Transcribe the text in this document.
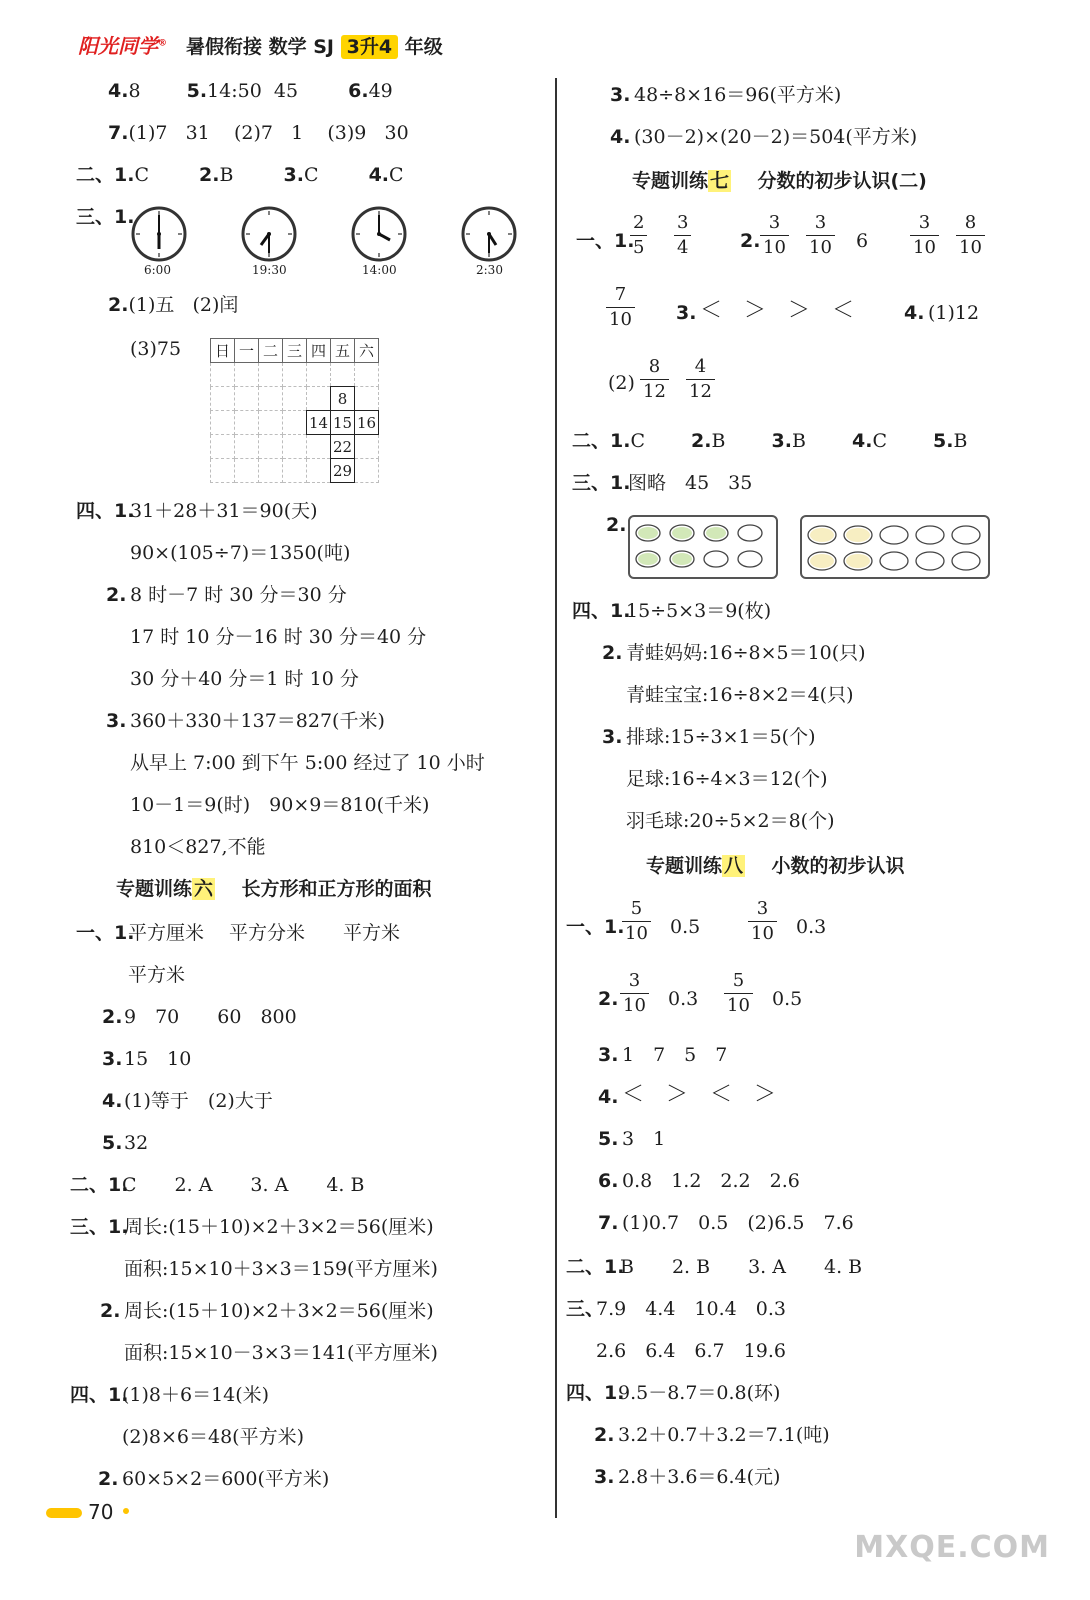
阳光同学® 暑假衔接 数学 SJ 3升4 年级
4.8 5.14:50 45	6.49
7.(1)7 31 (2)7 1 (3)9 30
二、1.C	2.B	3.C	4.C
三、1.
6:00	19:30	14:00	2:30
2.(1)五 (2)闰
(3)75 日	一	二	三	四	五	六

					8	
				14	15	16
					22	
					29	
四、1.
31＋28＋31＝90(天)
90×(105÷7)＝1350(吨)
2. 8 时－7 时 30 分＝30 分
17 时 10 分－16 时 30 分＝40 分
30 分＋40 分＝1 时 10 分
3. 360＋330＋137＝827(千米)
从早上 7:00 到下午 5:00 经过了 10 小时
10－1＝9(时)　90×9＝810(千米)
810＜827,不能
专题训练 六 长方形和正方形的面积
一、1.
平方厘米　 平方分米　　平方米
平方米
2. 9　70　　60　800
3. 15　10
4. (1)等于　(2)大于
5. 32
二、1.
C　　2. A　　3. A　　4. B
三、1.
周长:(15＋10)×2＋3×2＝56(厘米)
面积:15×10＋3×3＝159(平方厘米)
2. 周长:(15＋10)×2＋3×2＝56(厘米)
面积:15×10－3×3＝141(平方厘米)
四、1.
(1)8＋6＝14(米)
(2)8×6＝48(平方米)
2. 60×5×2＝600(平方米)
3. 48÷8×16＝96(平方米)
4. (30－2)×(20－2)＝504(平方米)
专题训练 七 分数的初步认识(二)
一、1.
$\frac{2}{5} \frac{3}{4}$	2. $\frac{3}{10} \frac{3}{10} 6 \frac{3}{10} \frac{8}{10}$
$\frac{7}{10} 3$. ＜　＞　＞　＜	4. (1)12
$(2) \frac{8}{12} \frac{4}{12}$
二、1.C 2.B 3.B 4.C 5.B
三、1.
图略　45　35
2.
四、1.
15÷5×3＝9(枚)
2. 青蛙妈妈:16÷8×5＝10(只)
青蛙宝宝:16÷8×2＝4(只)
3. 排球:15÷3×1＝5(个)
足球:16÷4×3＝12(个)
羽毛球:20÷5×2＝8(个)
专题训练 八 小数的初步认识
一、1.
$\frac{5}{10} 0.5$	$\frac{3}{10} 0.3$
2. $\frac{3}{10} 0.3 \frac{5}{10} 0.5$
3. 1　7　5　7
4. ＜　＞　＜　＞
5. 3　1
6. 0.8　1.2　2.2　2.6
7. (1)0.7　0.5　(2)6.5　7.6
二、1.
B　　2. B　　3. A　　4. B
三、
7.9　4.4　10.4　0.3
2.6　6.4　6.7　19.6
四、1.
9.5－8.7＝0.8(环)
2. 3.2＋0.7＋3.2＝7.1(吨)
3. 2.8＋3.6＝6.4(元)
70
MXQE.COM
